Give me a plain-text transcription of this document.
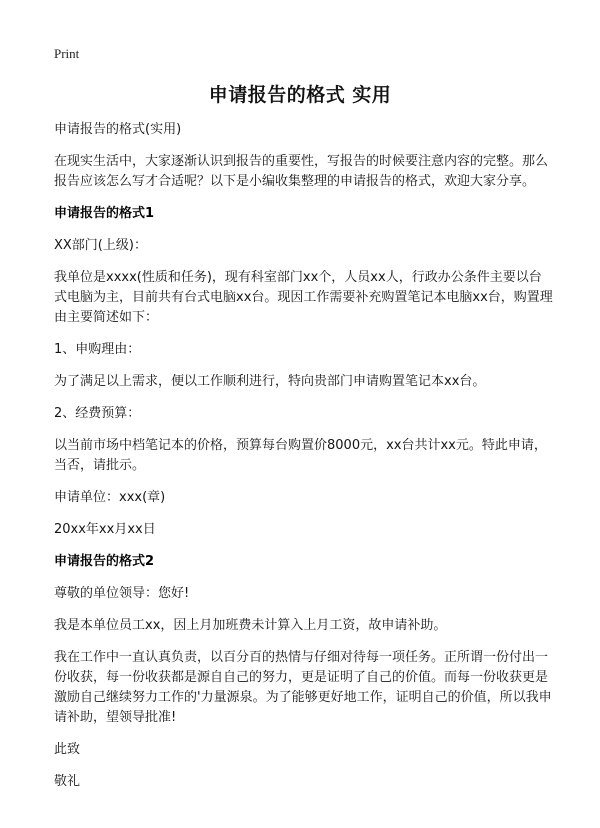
Print
申请报告的格式 实用

申请报告的格式(实用)

在现实生活中，大家逐渐认识到报告的重要性，写报告的时候要注意内容的完整。那么报告应该怎么写才合适呢？以下是小编收集整理的申请报告的格式，欢迎大家分享。

申请报告的格式1

XX部门(上级)：

我单位是xxxx(性质和任务)，现有科室部门xx个，人员xx人，行政办公条件主要以台式电脑为主，目前共有台式电脑xx台。现因工作需要补充购置笔记本电脑xx台，购置理由主要简述如下：

1、申购理由：

为了满足以上需求，便以工作顺利进行，特向贵部门申请购置笔记本xx台。

2、经费预算：

以当前市场中档笔记本的价格，预算每台购置价8000元，xx台共计xx元。特此申请，当否，请批示。

申请单位：xxx(章)

20xx年xx月xx日

申请报告的格式2

尊敬的单位领导：您好!

我是本单位员工xx，因上月加班费未计算入上月工资，故申请补助。

我在工作中一直认真负责，以百分百的热情与仔细对待每一项任务。正所谓一份付出一份收获，每一份收获都是源自自己的努力，更是证明了自己的价值。而每一份收获更是激励自己继续努力工作的'力量源泉。为了能够更好地工作，证明自己的价值，所以我申请补助，望领导批准!

此致

敬礼
